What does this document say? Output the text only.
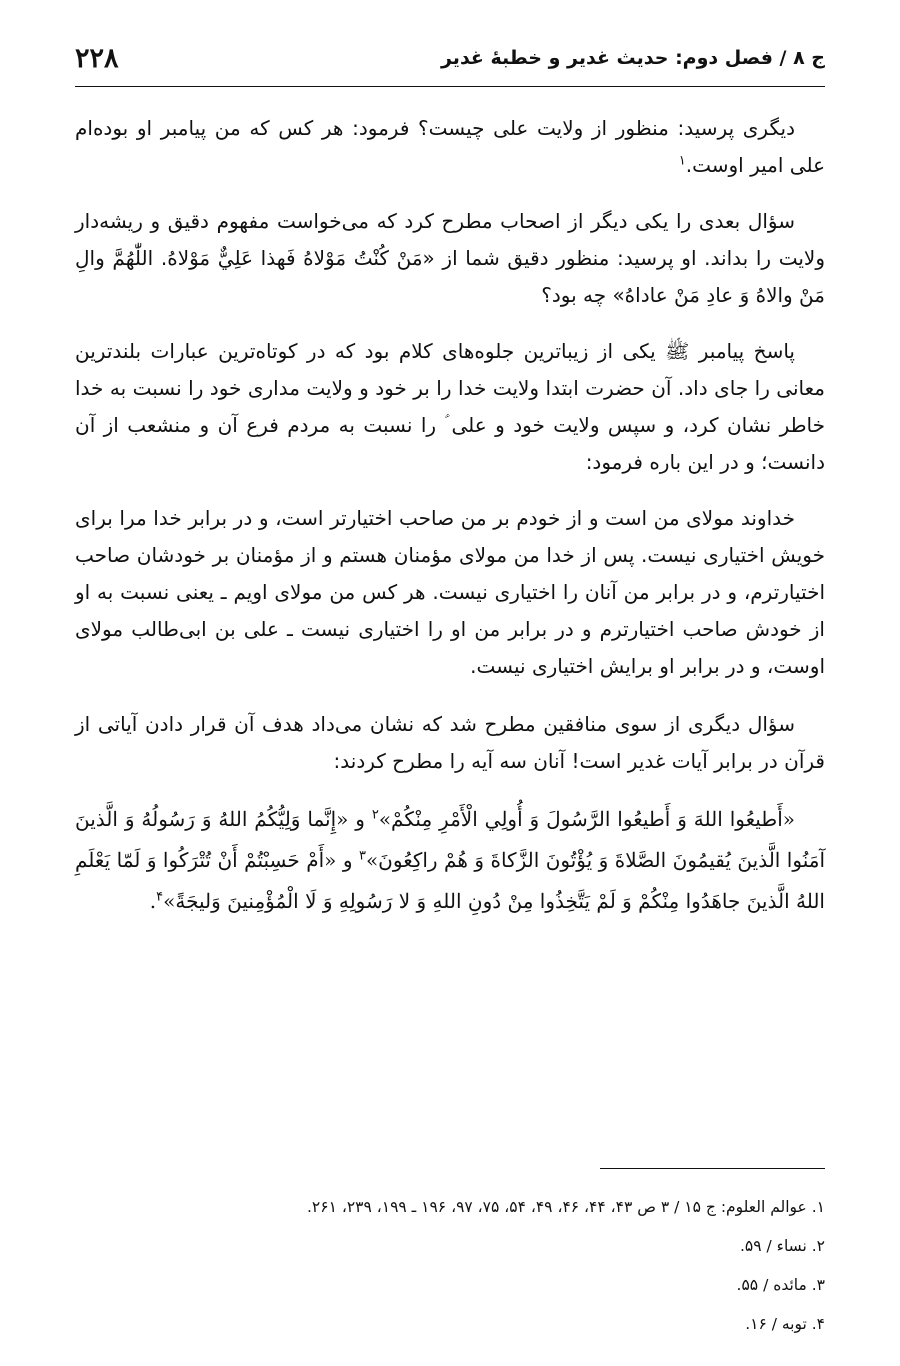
ج ۸ / فصل دوم: حديث غدير و خطبهٔ غدير
۲۲۸

دیگری پرسید: منظور از ولایت علی چیست؟ فرمود: هر کس که من پیامبر او بوده‌ام علی امیر اوست.$^۱$

سؤال بعدی را یکی دیگر از اصحاب مطرح کرد که می‌خواست مفهوم دقیق و ریشه‌دار ولایت را بداند. او پرسید: منظور دقیق شما از «مَنْ كُنْتُ مَوْلاهُ فَهذا عَلِيٌّ مَوْلاهُ. اللّٰهُمَّ والِ مَنْ والاهُ وَ عادِ مَنْ عاداهُ» چه بود؟

پاسخ پیامبر ﷺ یکی از زیباترین جلوه‌های کلام بود که در کوتاه‌ترین عبارات بلندترین معانی را جای داد. آن حضرت ابتدا ولایت خدا را بر خود و ولایت مداری خود را نسبت به خدا خاطر نشان کرد، و سپس ولایت خود و علی ؑ را نسبت به مردم فرع آن و منشعب از آن دانست؛ و در این باره فرمود:

خداوند مولای من است و از خودم بر من صاحب اختیارتر است، و در برابر خدا مرا برای خویش اختیاری نیست. پس از خدا من مولای مؤمنان هستم و از مؤمنان بر خودشان صاحب اختیارترم، و در برابر من آنان را اختیاری نیست. هر کس من مولای اویم ـ یعنی نسبت به او از خودش صاحب اختیارترم و در برابر من او را اختیاری نیست ـ علی بن ابی‌طالب مولای اوست، و در برابر او برایش اختیاری نیست.

سؤال دیگری از سوی منافقین مطرح شد که نشان می‌داد هدف آن قرار دادن آیاتی از قرآن در برابر آیات غدیر است! آنان سه آیه را مطرح کردند:

«أَطيعُوا اللهَ وَ أَطيعُوا الرَّسُولَ وَ أُولِي الْأَمْرِ مِنْكُمْ»$^۲$ و «إِنَّما وَلِيُّكُمُ اللهُ وَ رَسُولُهُ وَ الَّذينَ آمَنُوا الَّذينَ يُقيمُونَ الصَّلاةَ وَ يُؤْتُونَ الزَّكاةَ وَ هُمْ راكِعُونَ»$^۳$ و «أَمْ حَسِبْتُمْ أَنْ تُتْرَكُوا وَ لَمّا يَعْلَمِ اللهُ الَّذينَ جاهَدُوا مِنْكُمْ وَ لَمْ يَتَّخِذُوا مِنْ دُونِ اللهِ وَ لا رَسُولِهِ وَ لَا الْمُؤْمِنينَ وَليجَةً»$^۴$.

۱. عوالم العلوم: ج ۱۵ / ۳ ص ۴۳، ۴۴، ۴۶، ۴۹، ۵۴، ۷۵، ۹۷، ۱۹۶ ـ ۱۹۹، ۲۳۹، ۲۶۱.

۲. نساء / ۵۹.

۳. مائده / ۵۵.

۴. توبه / ۱۶.
